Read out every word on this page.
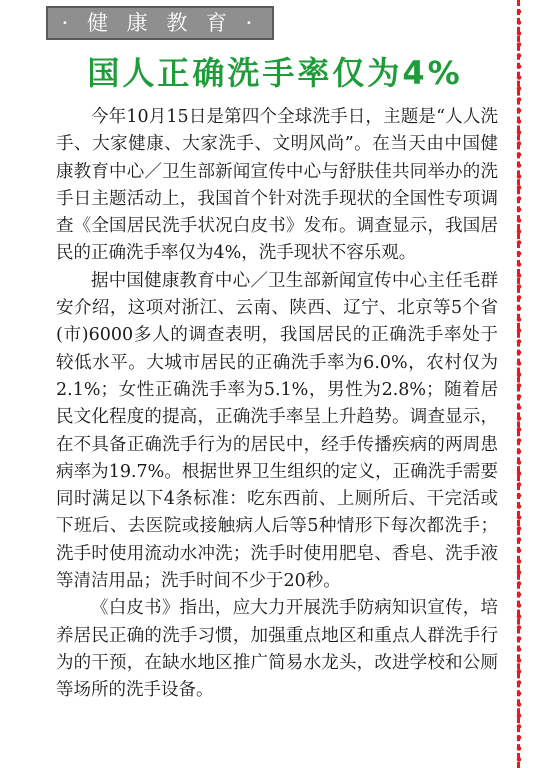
· 健 康 教 育 ·
国人正确洗手率仅为4%

今年10月15日是第四个全球洗手日，主题是“人人洗手、大家健康、大家洗手、文明风尚”。在当天由中国健康教育中心／卫生部新闻宣传中心与舒肤佳共同举办的洗手日主题活动上，我国首个针对洗手现状的全国性专项调查《全国居民洗手状况白皮书》发布。调查显示，我国居民的正确洗手率仅为4%，洗手现状不容乐观。

据中国健康教育中心／卫生部新闻宣传中心主任毛群安介绍，这项对浙江、云南、陕西、辽宁、北京等5个省(市)6000多人的调查表明，我国居民的正确洗手率处于较低水平。大城市居民的正确洗手率为6.0%，农村仅为2.1%；女性正确洗手率为5.1%，男性为2.8%；随着居民文化程度的提高，正确洗手率呈上升趋势。调查显示，在不具备正确洗手行为的居民中，经手传播疾病的两周患病率为19.7%。根据世界卫生组织的定义，正确洗手需要同时满足以下4条标准：吃东西前、上厕所后、干完活或下班后、去医院或接触病人后等5种情形下每次都洗手；洗手时使用流动水冲洗；洗手时使用肥皂、香皂、洗手液等清洁用品；洗手时间不少于20秒。

《白皮书》指出，应大力开展洗手防病知识宣传，培养居民正确的洗手习惯，加强重点地区和重点人群洗手行为的干预，在缺水地区推广简易水龙头，改进学校和公厕等场所的洗手设备。
